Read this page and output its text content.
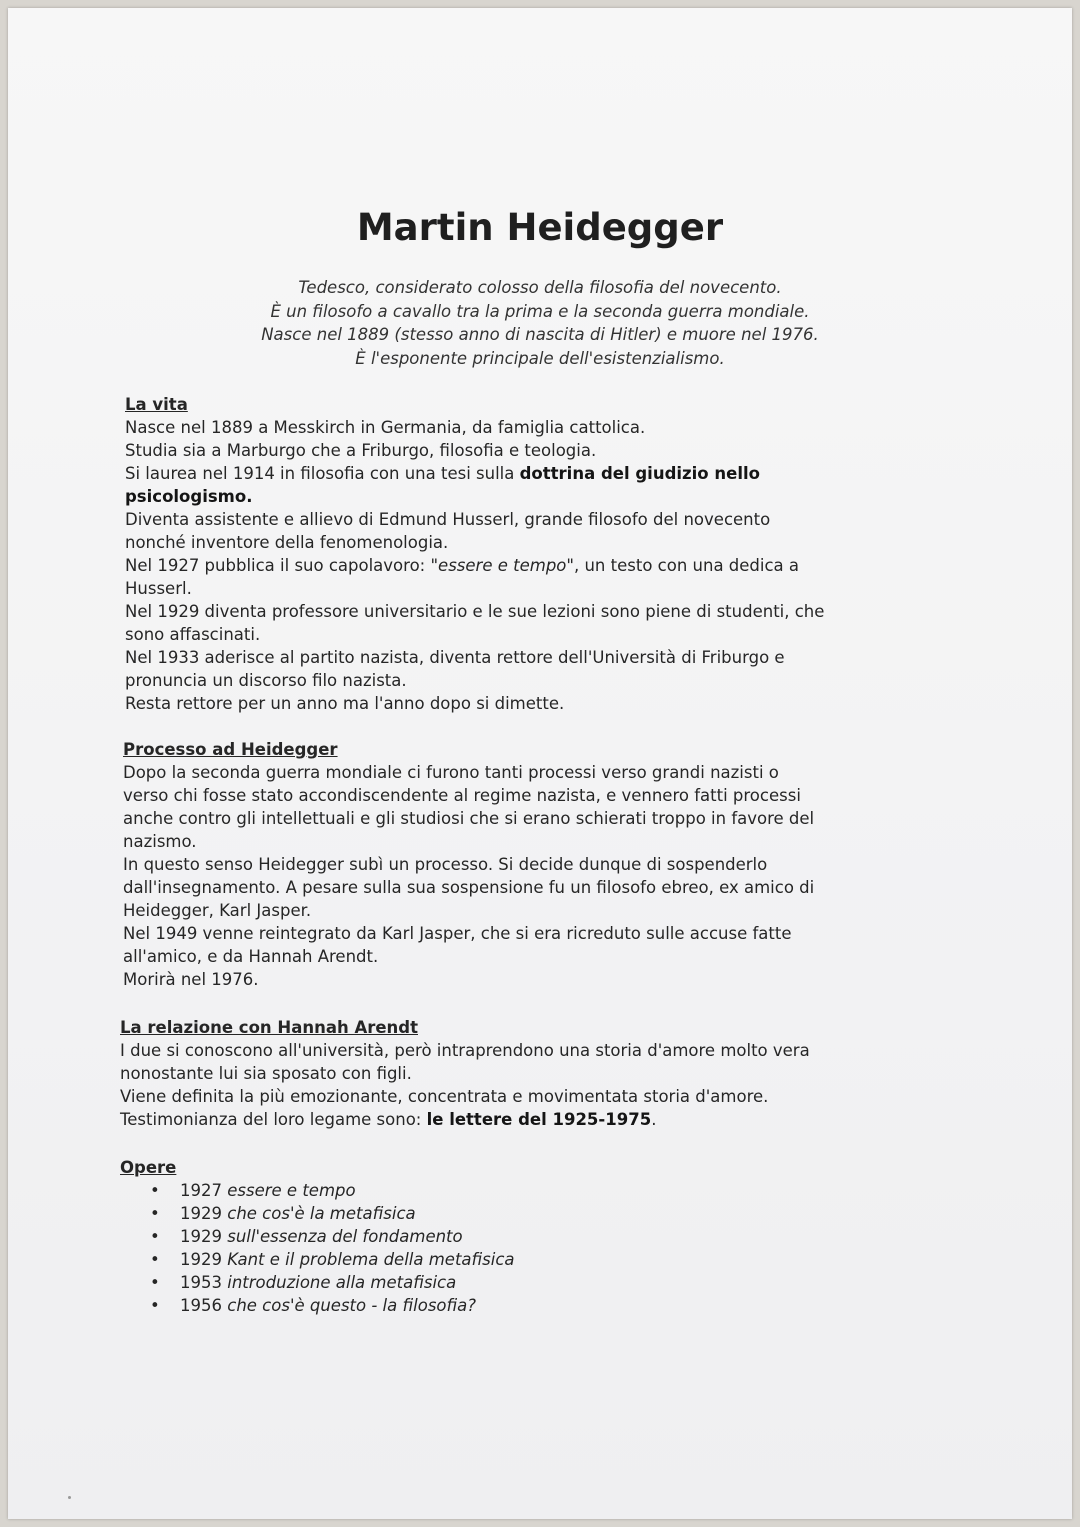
Martin Heidegger
Tedesco, considerato colosso della filosofia del novecento.
È un filosofo a cavallo tra la prima e la seconda guerra mondiale.
Nasce nel 1889 (stesso anno di nascita di Hitler) e muore nel 1976.
È l'esponente principale dell'esistenzialismo.
La vita
Nasce nel 1889 a Messkirch in Germania, da famiglia cattolica.
Studia sia a Marburgo che a Friburgo, filosofia e teologia.
Si laurea nel 1914 in filosofia con una tesi sulla dottrina del giudizio nello
psicologismo.
Diventa assistente e allievo di Edmund Husserl, grande filosofo del novecento
nonché inventore della fenomenologia.
Nel 1927 pubblica il suo capolavoro: "essere e tempo", un testo con una dedica a
Husserl.
Nel 1929 diventa professore universitario e le sue lezioni sono piene di studenti, che
sono affascinati.
Nel 1933 aderisce al partito nazista, diventa rettore dell'Università di Friburgo e
pronuncia un discorso filo nazista.
Resta rettore per un anno ma l'anno dopo si dimette.
Processo ad Heidegger
Dopo la seconda guerra mondiale ci furono tanti processi verso grandi nazisti o
verso chi fosse stato accondiscendente al regime nazista, e vennero fatti processi
anche contro gli intellettuali e gli studiosi che si erano schierati troppo in favore del
nazismo.
In questo senso Heidegger subì un processo. Si decide dunque di sospenderlo
dall'insegnamento. A pesare sulla sua sospensione fu un filosofo ebreo, ex amico di
Heidegger, Karl Jasper.
Nel 1949 venne reintegrato da Karl Jasper, che si era ricreduto sulle accuse fatte
all'amico, e da Hannah Arendt.
Morirà nel 1976.
La relazione con Hannah Arendt
I due si conoscono all'università, però intraprendono una storia d'amore molto vera
nonostante lui sia sposato con figli.
Viene definita la più emozionante, concentrata e movimentata storia d'amore.
Testimonianza del loro legame sono: le lettere del 1925-1975.
Opere
• 1927 essere e tempo
• 1929 che cos'è la metafisica
• 1929 sull'essenza del fondamento
• 1929 Kant e il problema della metafisica
• 1953 introduzione alla metafisica
• 1956 che cos'è questo - la filosofia?
